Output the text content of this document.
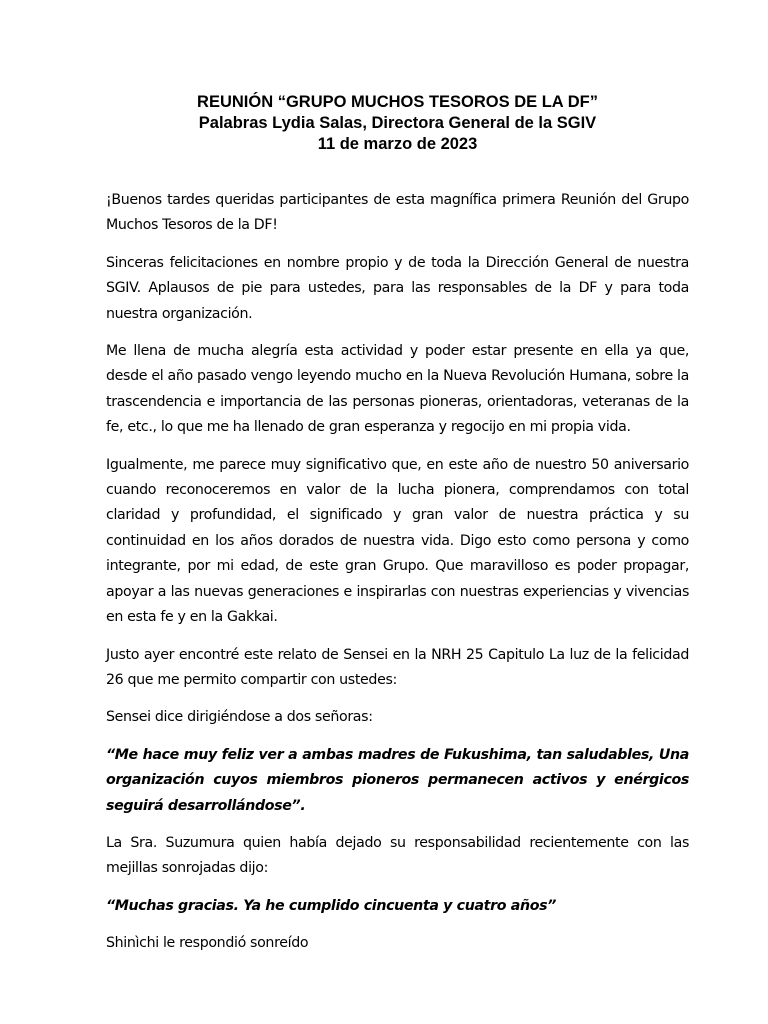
REUNIÓN “GRUPO MUCHOS TESOROS DE LA DF”
Palabras Lydia Salas, Directora General de la SGIV
11 de marzo de 2023

¡Buenos tardes queridas participantes de esta magnífica primera Reunión del Grupo Muchos Tesoros de la DF!

Sinceras felicitaciones en nombre propio y de toda la Dirección General de nuestra SGIV. Aplausos de pie para ustedes, para las responsables de la DF y para toda nuestra organización.

Me llena de mucha alegría esta actividad y poder estar presente en ella ya que, desde el año pasado vengo leyendo mucho en la Nueva Revolución Humana, sobre la trascendencia e importancia de las personas pioneras, orientadoras, veteranas de la fe, etc., lo que me ha llenado de gran esperanza y regocijo en mi propia vida.

Igualmente, me parece muy significativo que, en este año de nuestro 50 aniversario cuando reconoceremos en valor de la lucha pionera, comprendamos con total claridad y profundidad, el significado y gran valor de nuestra práctica y su continuidad en los años dorados de nuestra vida. Digo esto como persona y como integrante, por mi edad, de este gran Grupo. Que maravilloso es poder propagar, apoyar a las nuevas generaciones e inspirarlas con nuestras experiencias y vivencias en esta fe y en la Gakkai.

Justo ayer encontré este relato de Sensei en la NRH 25 Capitulo La luz de la felicidad 26 que me permito compartir con ustedes:

Sensei dice dirigiéndose a dos señoras:

“Me hace muy feliz ver a ambas madres de Fukushima, tan saludables, Una organización cuyos miembros pioneros permanecen activos y enérgicos seguirá desarrollándose”.

La Sra. Suzumura quien había dejado su responsabilidad recientemente con las mejillas sonrojadas dijo:

“Muchas gracias. Ya he cumplido cincuenta y cuatro años”

Shinìchi le respondió sonreído
